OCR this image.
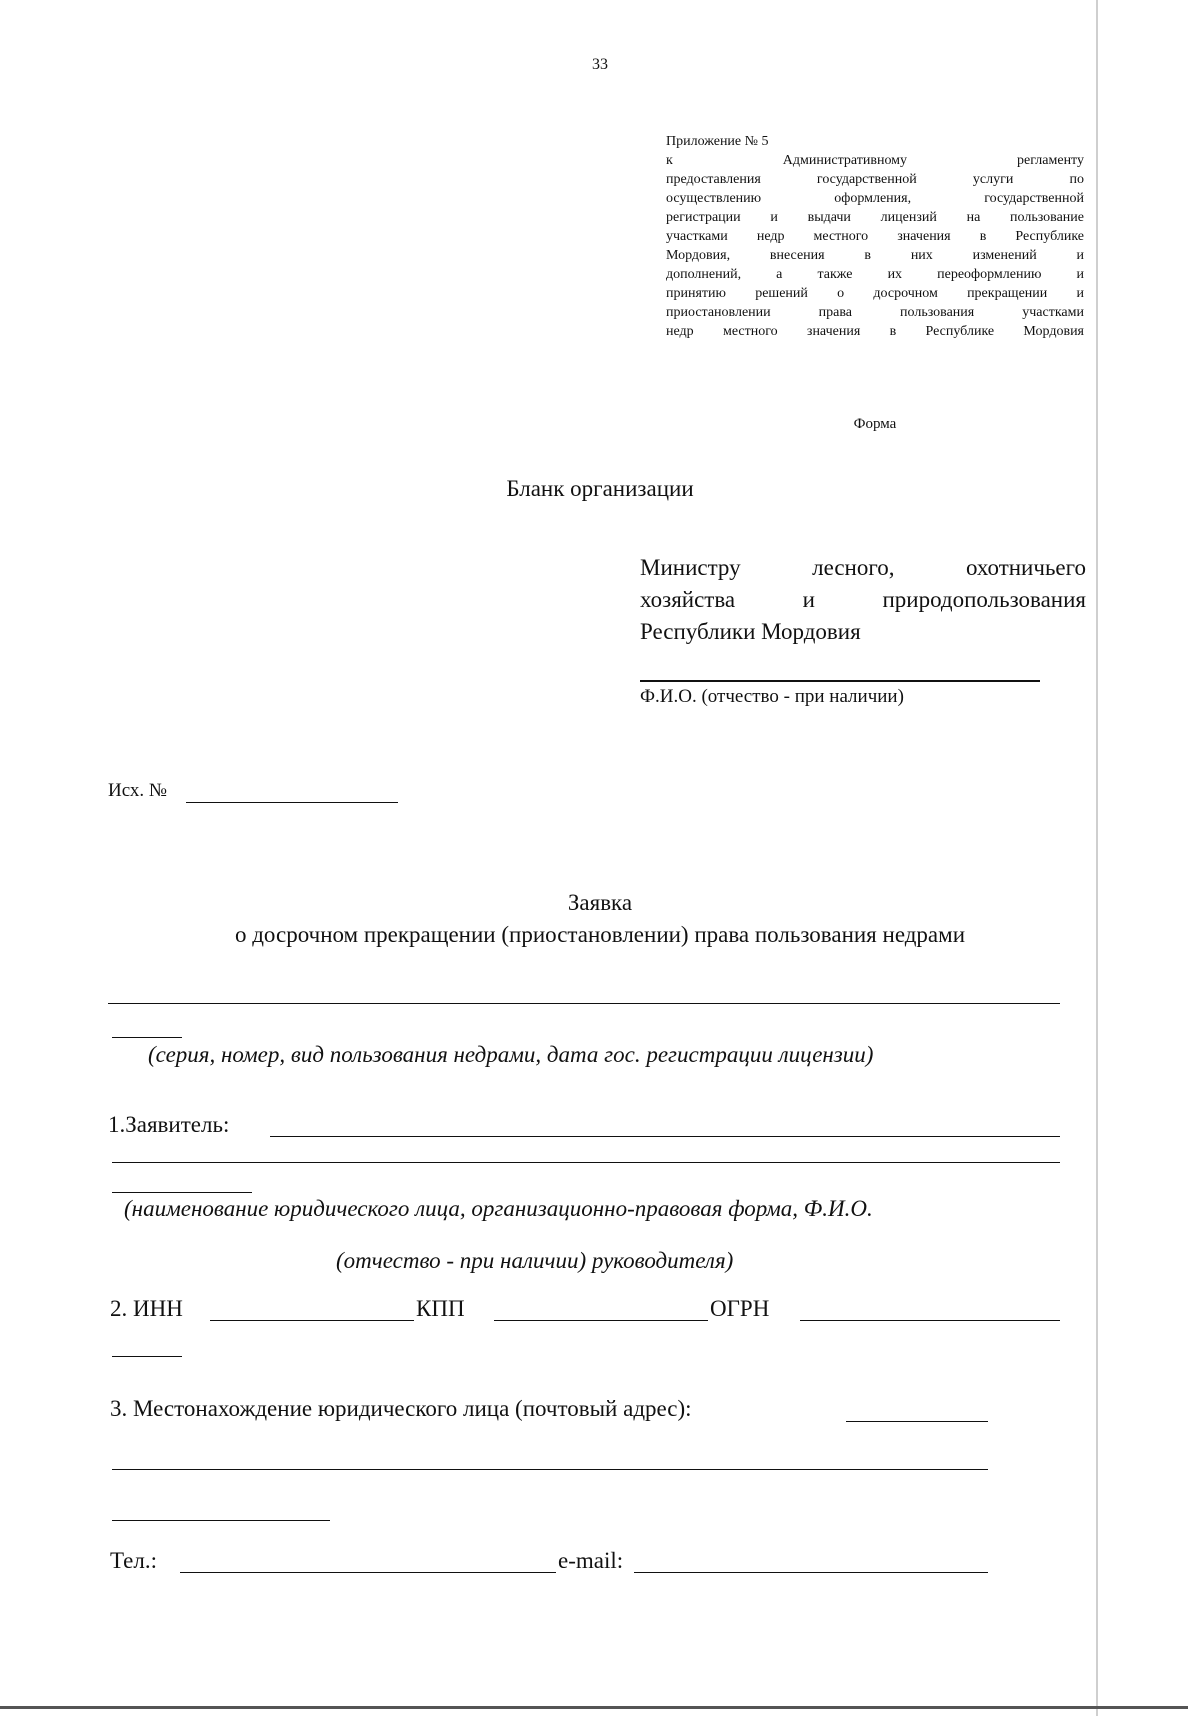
33
Приложение № 5
к Административному регламенту
предоставления государственной услуги по
осуществлению оформления, государственной
регистрации и выдачи лицензий на пользование
участками недр местного значения в Республике
Мордовия, внесения в них изменений и
дополнений, а также их переоформлению и
принятию решений о досрочном прекращении и
приостановлении права пользования участками
недр местного значения в Республике Мордовия
Форма
Бланк организации
Министру лесного, охотничьего
хозяйства и природопользования
Республики Мордовия
Ф.И.О. (отчество - при наличии)
Исх. №
Заявка
о досрочном прекращении (приостановлении) права пользования недрами
(серия, номер, вид пользования недрами, дата гос. регистрации лицензии)
1.Заявитель:
(наименование юридического лица, организационно-правовая форма, Ф.И.О.
(отчество - при наличии) руководителя)
2. ИНН	КПП	ОГРН
3. Местонахождение юридического лица (почтовый адрес):
Тел.:	e-mail:
